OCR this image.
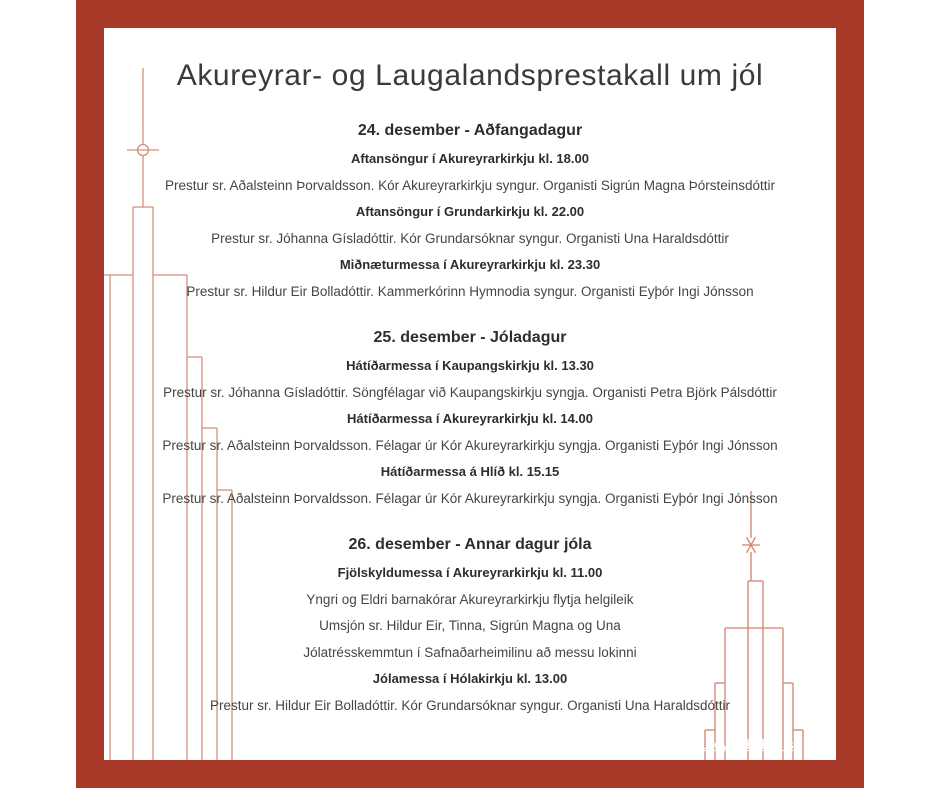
Akureyrar- og Laugalandsprestakall um jól
24. desember - Aðfangadagur
Aftansöngur í Akureyrarkirkju kl. 18.00
Prestur sr. Aðalsteinn Þorvaldsson. Kór Akureyrarkirkju syngur. Organisti Sigrún Magna Þórsteinsdóttir
Aftansöngur í Grundarkirkju kl. 22.00
Prestur sr. Jóhanna Gísladóttir. Kór Grundarsóknar syngur. Organisti Una Haraldsdóttir
Miðnæturmessa í Akureyrarkirkju kl. 23.30
Prestur sr. Hildur Eir Bolladóttir. Kammerkórinn Hymnodia syngur. Organisti Eyþór Ingi Jónsson
25. desember - Jóladagur
Hátíðarmessa í Kaupangskirkju kl. 13.30
Prestur sr. Jóhanna Gísladóttir. Söngfélagar við Kaupangskirkju syngja. Organisti Petra Björk Pálsdóttir
Hátíðarmessa í Akureyrarkirkju kl. 14.00
Prestur sr. Aðalsteinn Þorvaldsson. Félagar úr Kór Akureyrarkirkju syngja. Organisti Eyþór Ingi Jónsson
Hátíðarmessa á Hlíð kl. 15.15
Prestur sr. Aðalsteinn Þorvaldsson. Félagar úr Kór Akureyrarkirkju syngja. Organisti Eyþór Ingi Jónsson
26. desember - Annar dagur jóla
Fjölskyldumessa í Akureyrarkirkju kl. 11.00
Yngri og Eldri barnakórar Akureyrarkirkju flytja helgileik
Umsjón sr. Hildur Eir, Tinna, Sigrún Magna og Una
Jólatrésskemmtun í Safnaðarheimilinu að messu lokinni
Jólamessa í Hólakirkju kl. 13.00
Prestur sr. Hildur Eir Bolladóttir. Kór Grundarsóknar syngur. Organisti Una Haraldsdóttir
www.akureyrarkirkja.is
